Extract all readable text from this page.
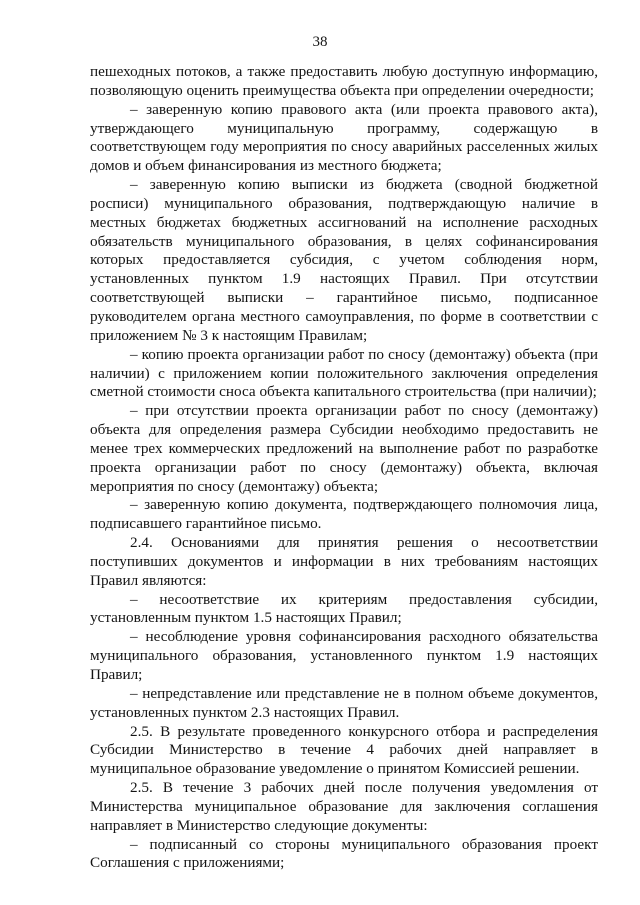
38
пешеходных потоков, а также предоставить любую доступную информацию,
позволяющую оценить преимущества объекта при определении очередности;
– заверенную копию правового акта (или проекта правового акта),
утверждающего муниципальную программу, содержащую в
соответствующем году мероприятия по сносу аварийных расселенных жилых
домов и объем финансирования из местного бюджета;
– заверенную копию выписки из бюджета (сводной бюджетной
росписи) муниципального образования, подтверждающую наличие в
местных бюджетах бюджетных ассигнований на исполнение расходных
обязательств муниципального образования, в целях софинансирования
которых предоставляется субсидия, с учетом соблюдения норм,
установленных пунктом 1.9 настоящих Правил. При отсутствии
соответствующей выписки – гарантийное письмо, подписанное
руководителем органа местного самоуправления, по форме в соответствии с
приложением № 3 к настоящим Правилам;
– копию проекта организации работ по сносу (демонтажу) объекта (при
наличии) с приложением копии положительного заключения определения
сметной стоимости сноса объекта капитального строительства (при наличии);
– при отсутствии проекта организации работ по сносу (демонтажу)
объекта для определения размера Субсидии необходимо предоставить не
менее трех коммерческих предложений на выполнение работ по разработке
проекта организации работ по сносу (демонтажу) объекта, включая
мероприятия по сносу (демонтажу) объекта;
– заверенную копию документа, подтверждающего полномочия лица,
подписавшего гарантийное письмо.
2.4. Основаниями для принятия решения о несоответствии
поступивших документов и информации в них требованиям настоящих
Правил являются:
– несоответствие их критериям предоставления субсидии,
установленным пунктом 1.5 настоящих Правил;
– несоблюдение уровня софинансирования расходного обязательства
муниципального образования, установленного пунктом 1.9 настоящих
Правил;
– непредставление или представление не в полном объеме документов,
установленных пунктом 2.3 настоящих Правил.
2.5. В результате проведенного конкурсного отбора и распределения
Субсидии Министерство в течение 4 рабочих дней направляет в
муниципальное образование уведомление о принятом Комиссией решении.
2.5. В течение 3 рабочих дней после получения уведомления от
Министерства муниципальное образование для заключения соглашения
направляет в Министерство следующие документы:
– подписанный со стороны муниципального образования проект
Соглашения с приложениями;
